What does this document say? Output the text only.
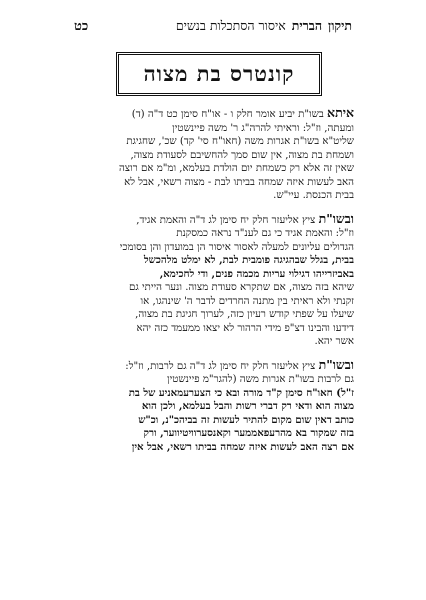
תיקון
הברית
איסור הסתכלות בנשים
כט
קונטרס בת מצוה

איתא בשו"ת יביע אומר חלק ו - או"ח סימן כט ד"ה (ד)

ומעתה, וז"ל: וראיתי להרה"ג ר' משה פיינשטין

שליט"א בשו"ת אגרות משה (חאו"ח סי' קד) שכ', שחגיגת

ושמחת בת מצוה, אין שום סמך להחשיבם לסעודת מצוה,

שאין זה אלא רק כשמחת יום הולדת בעלמא, ומ"מ אם רוצה

האב לעשות איזה שמחה בביתו לבת - מצוה רשאי, אבל לא

בבית הכנסת. עיי"ש.

ובשו"ת ציץ אליעזר חלק יח סימן לג ד"ה והאמת אגיד,

וז"ל: והאמת אגיד כי גם לענ"ד נראה כמסקנת

הגדולים עליונים למעלה לאסור איסור הן במועדון והן בסומכי

בבית, בגלל שבהגיגה פומבית לבת, לא ימלט מלהכשל

באביזרייהו דגילוי עריות מכמה פנים, ודי לחכימא,

שיהא בזה מצוה, אם שתקרא סעודת מצוה. ונער הייתי גם

זקנתי ולא ראיתי בין מתנה החרדים לדבר ה' שינהגו, או

שיעלו על שפתי קודש רעיון כזה, לערוך חגיגת בת מצוה,

דידעו והבינו דצ"פ מידי הרהור לא יצאו ממעמד כזה יהא

אשר יהא.

ובשו"ת ציץ אליעזר חלק יח סימן לג ד"ה גם לרבות, וז"ל:

גם לרבות בשו"ת אגרות משה (להגר"מ פיינשטין

ז"ל) חאו"ח סימן ק"ד מורה ובא כי הצערעמאניע של בת

מצוה הוא ודאי רק דברי רשות והבל בעלמא, ולכן הוא

כותב דאין שום מקום להתיר לעשות זה בביהכ"נ, וכ"ש

בזה שמקור בא מהרעפאממער וקאנסערוויטיווער, ורק

אם רצה האב לעשות איזה שמחה בביתו רשאי, אבל אין
